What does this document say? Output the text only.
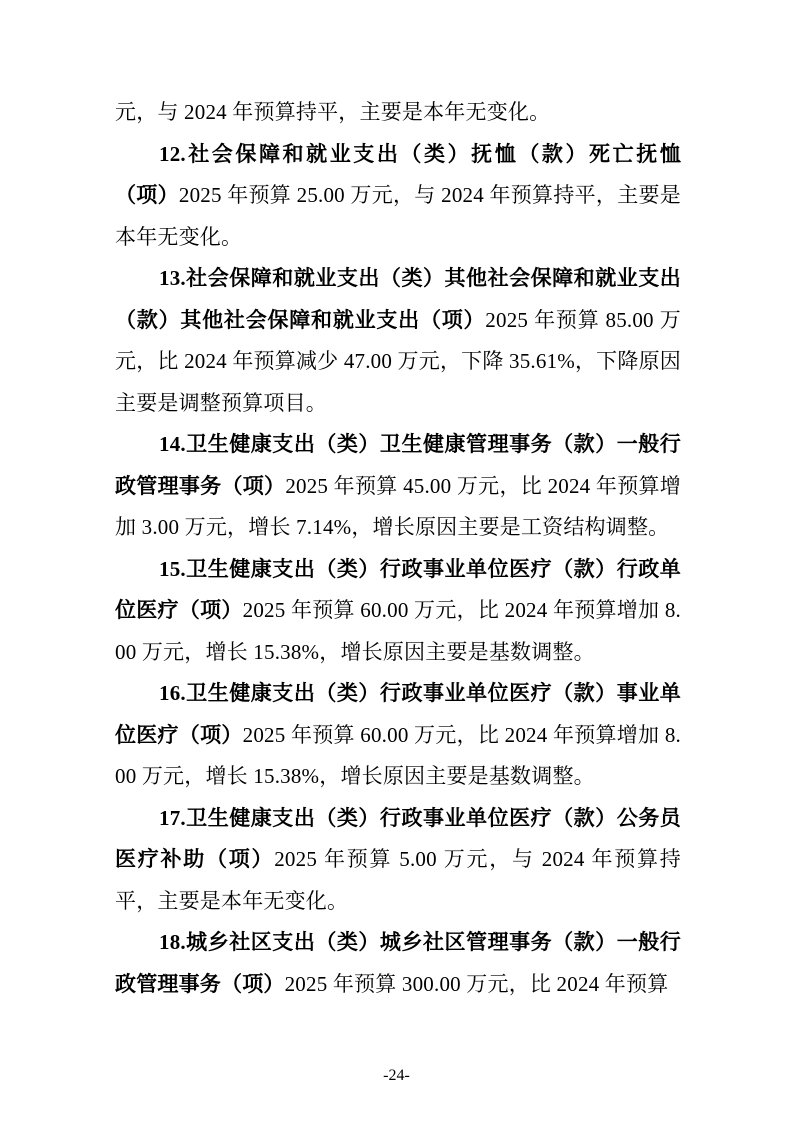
元，与 2024 年预算持平，主要是本年无变化。

12.社会保障和就业支出（类）抚恤（款）死亡抚恤（项）2025 年预算 25.00 万元，与 2024 年预算持平，主要是本年无变化。

13.社会保障和就业支出（类）其他社会保障和就业支出（款）其他社会保障和就业支出（项）2025 年预算 85.00 万元，比 2024 年预算减少 47.00 万元，下降 35.61%，下降原因主要是调整预算项目。

14.卫生健康支出（类）卫生健康管理事务（款）一般行政管理事务（项）2025 年预算 45.00 万元，比 2024 年预算增加 3.00 万元，增长 7.14%，增长原因主要是工资结构调整。

15.卫生健康支出（类）行政事业单位医疗（款）行政单位医疗（项）2025 年预算 60.00 万元，比 2024 年预算增加 8.00 万元，增长 15.38%，增长原因主要是基数调整。

16.卫生健康支出（类）行政事业单位医疗（款）事业单位医疗（项）2025 年预算 60.00 万元，比 2024 年预算增加 8.00 万元，增长 15.38%，增长原因主要是基数调整。

17.卫生健康支出（类）行政事业单位医疗（款）公务员医疗补助（项）2025 年预算 5.00 万元，与 2024 年预算持平，主要是本年无变化。

18.城乡社区支出（类）城乡社区管理事务（款）一般行政管理事务（项）2025 年预算 300.00 万元，比 2024 年预算

-24-
